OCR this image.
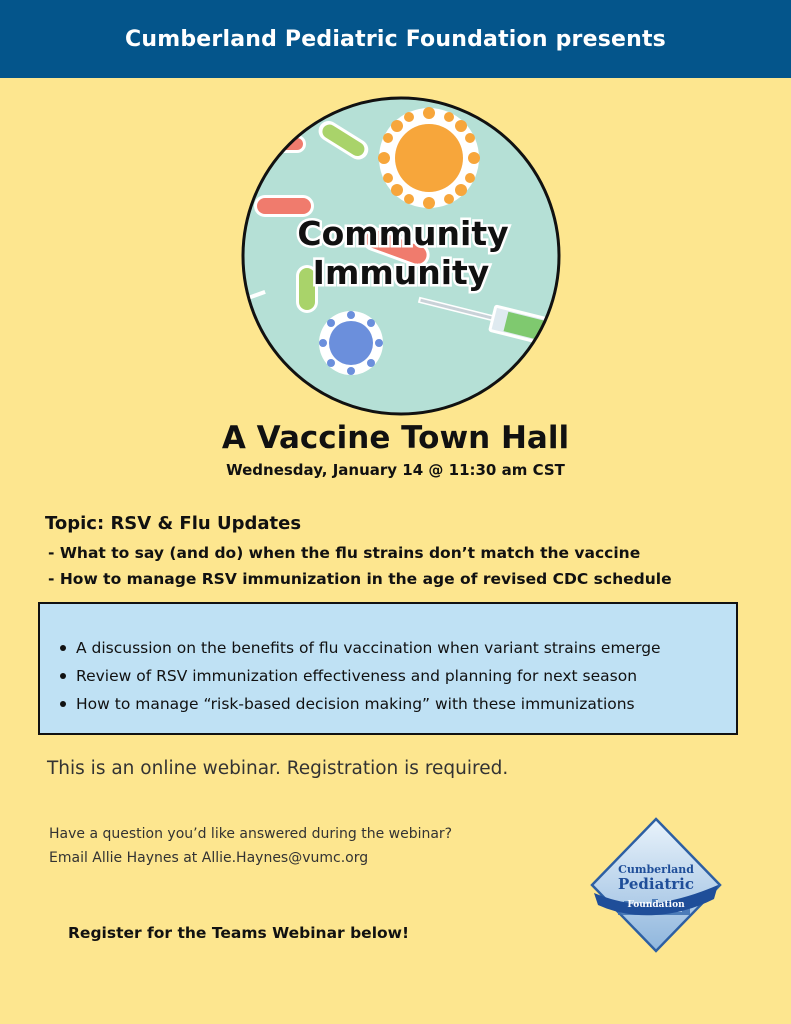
Cumberland Pediatric Foundation presents
Community
Immunity
A Vaccine Town Hall
Wednesday, January 14 @ 11:30 am CST
Topic: RSV & Flu Updates
- What to say (and do) when the flu strains don’t match the vaccine
- How to manage RSV immunization in the age of revised CDC schedule
A discussion on the benefits of flu vaccination when variant strains emerge
Review of RSV immunization effectiveness and planning for next season
How to manage “risk-based decision making” with these immunizations
This is an online webinar. Registration is required.
Have a question you’d like answered during the webinar?
Email Allie Haynes at Allie.Haynes@vumc.org
Register for the Teams Webinar below!
Cumberland
Pediatric
Foundation
